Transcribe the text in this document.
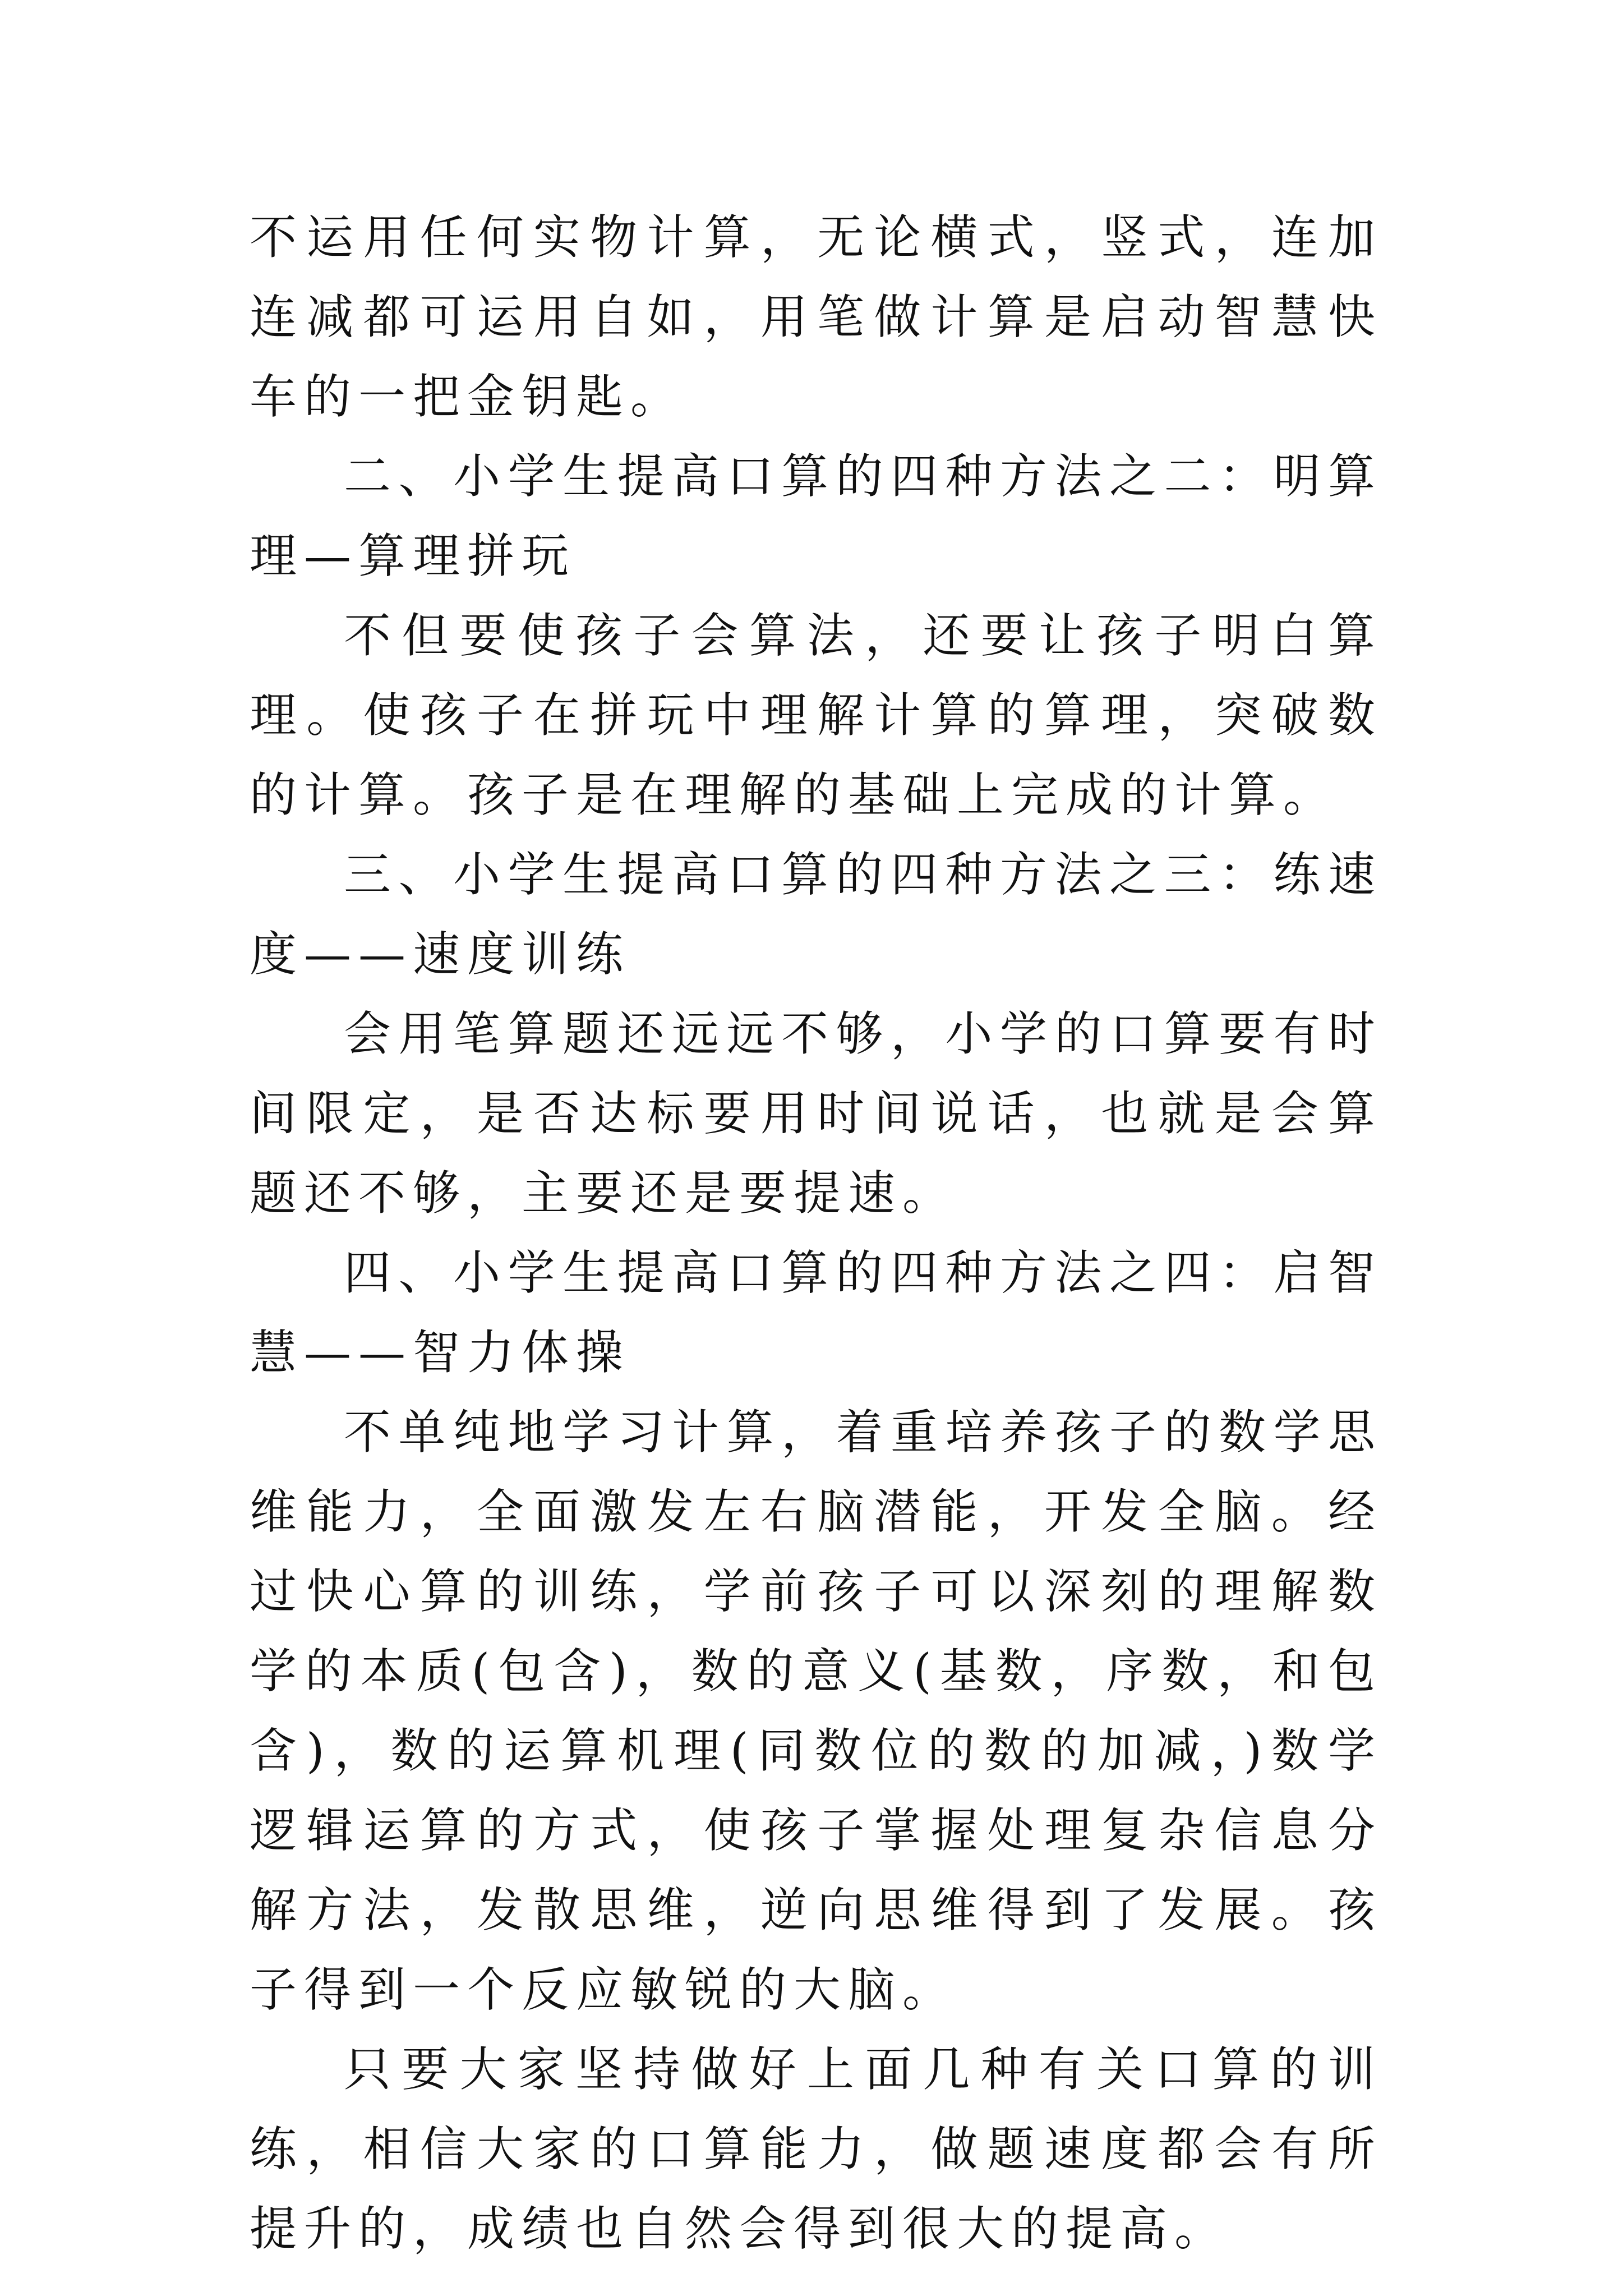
不运用任何实物计算，无论横式，竖式，连加连减都可运用自如，用笔做计算是启动智慧快车的一把金钥匙。

二、小学生提高口算的四种方法之二：明算理—算理拼玩

不但要使孩子会算法，还要让孩子明白算理。使孩子在拼玩中理解计算的算理，突破数的计算。孩子是在理解的基础上完成的计算。

三、小学生提高口算的四种方法之三：练速度——速度训练

会用笔算题还远远不够，小学的口算要有时间限定，是否达标要用时间说话，也就是会算题还不够，主要还是要提速。

四、小学生提高口算的四种方法之四：启智慧——智力体操

不单纯地学习计算，着重培养孩子的数学思维能力，全面激发左右脑潜能，开发全脑。经过快心算的训练，学前孩子可以深刻的理解数学的本质(包含)，数的意义(基数，序数，和包含)，数的运算机理(同数位的数的加减，)数学逻辑运算的方式，使孩子掌握处理复杂信息分解方法，发散思维，逆向思维得到了发展。孩子得到一个反应敏锐的大脑。

只要大家坚持做好上面几种有关口算的训练，相信大家的口算能力，做题速度都会有所提升的，成绩也自然会得到很大的提高。
